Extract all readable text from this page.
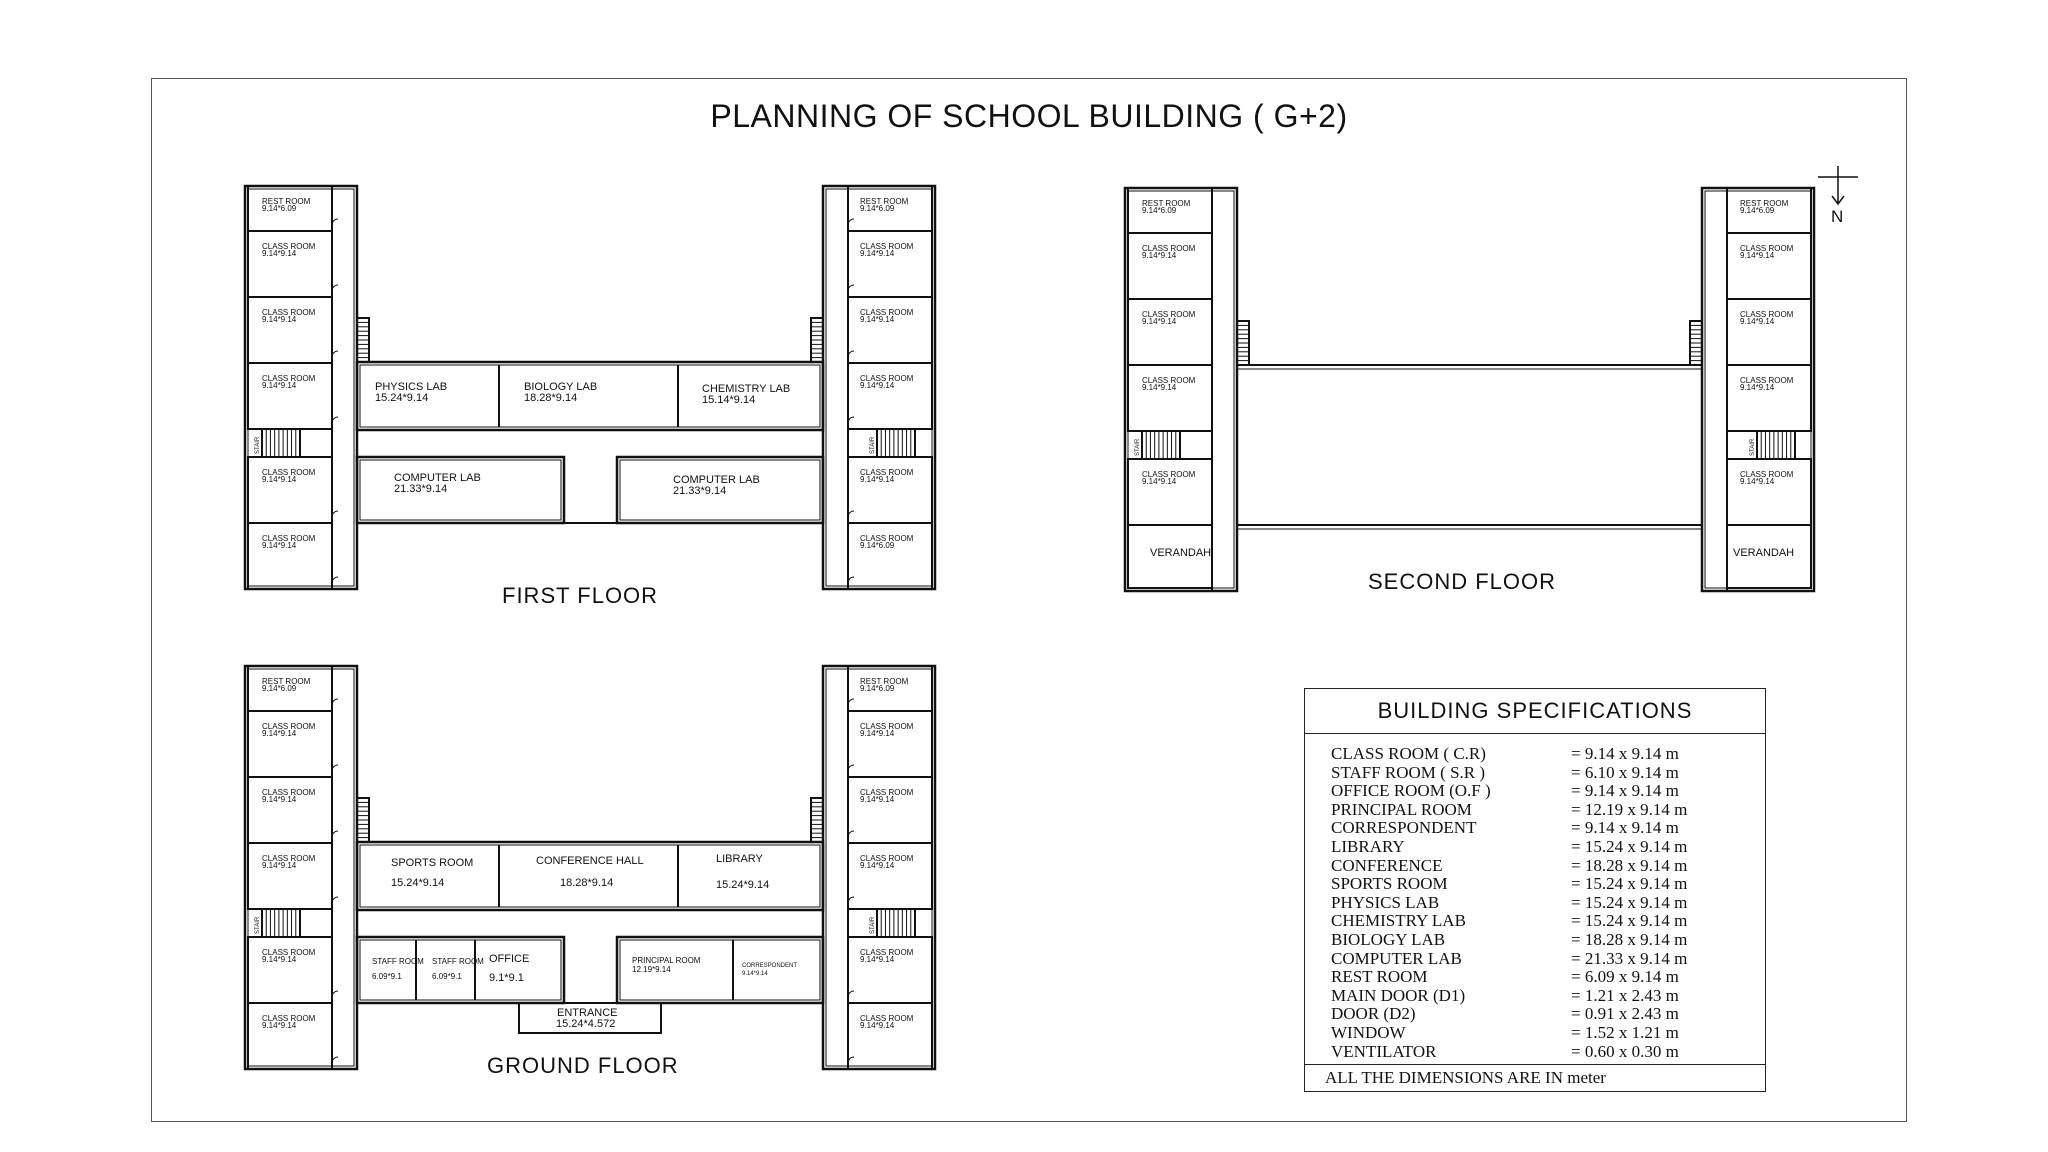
PLANNING OF SCHOOL BUILDING ( G+2)
REST ROOM
9.14*6.09
CLASS ROOM
9.14*9.14
CLASS ROOM
9.14*9.14
CLASS ROOM
9.14*9.14
STAIR
CLASS ROOM
9.14*9.14
CLASS ROOM
9.14*9.14
REST ROOM
9.14*6.09
CLASS ROOM
9.14*9.14
CLASS ROOM
9.14*9.14
CLASS ROOM
9.14*9.14
STAIR
CLASS ROOM
9.14*9.14
CLASS ROOM
9.14*6.09
PHYSICS LAB
15.24*9.14
BIOLOGY LAB
18.28*9.14
CHEMISTRY LAB
15.14*9.14
COMPUTER LAB
21.33*9.14
COMPUTER LAB
21.33*9.14
REST ROOM
9.14*6.09
CLASS ROOM
9.14*9.14
CLASS ROOM
9.14*9.14
CLASS ROOM
9.14*9.14
STAIR
CLASS ROOM
9.14*9.14
VERANDAH
REST ROOM
9.14*6.09
CLASS ROOM
9.14*9.14
CLASS ROOM
9.14*9.14
CLASS ROOM
9.14*9.14
STAIR
CLASS ROOM
9.14*9.14
VERANDAH
REST ROOM
9.14*6.09
CLASS ROOM
9.14*9.14
CLASS ROOM
9.14*9.14
CLASS ROOM
9.14*9.14
STAIR
CLASS ROOM
9.14*9.14
CLASS ROOM
9.14*9.14
REST ROOM
9.14*6.09
CLASS ROOM
9.14*9.14
CLASS ROOM
9.14*9.14
CLASS ROOM
9.14*9.14
STAIR
CLASS ROOM
9.14*9.14
CLASS ROOM
9.14*9.14
SPORTS ROOM
15.24*9.14
CONFERENCE HALL
18.28*9.14
LIBRARY
15.24*9.14
STAFF ROOM
6.09*9.1
STAFF ROOM
6.09*9.1
OFFICE
9.1*9.1
PRINCIPAL ROOM
12.19*9.14	CORRESPONDENT
9.14*9.14
ENTRANCE
15.24*4.572
N
FIRST FLOOR
SECOND FLOOR
GROUND FLOOR
BUILDING SPECIFICATIONS
CLASS ROOM ( C.R)	= 9.14 x 9.14 m
STAFF ROOM ( S.R )	= 6.10 x 9.14 m
OFFICE ROOM (O.F )	= 9.14 x 9.14 m
PRINCIPAL ROOM	= 12.19 x 9.14 m
CORRESPONDENT	= 9.14 x 9.14 m
LIBRARY	= 15.24 x 9.14 m
CONFERENCE	= 18.28 x 9.14 m
SPORTS ROOM	= 15.24 x 9.14 m
PHYSICS LAB	= 15.24 x 9.14 m
CHEMISTRY LAB	= 15.24 x 9.14 m
BIOLOGY LAB	= 18.28 x 9.14 m
COMPUTER LAB	= 21.33 x 9.14 m
REST ROOM	= 6.09 x 9.14 m
MAIN DOOR (D1)	= 1.21 x 2.43 m
DOOR (D2)	= 0.91 x 2.43 m
WINDOW	= 1.52 x 1.21 m
VENTILATOR	= 0.60 x 0.30 m
ALL THE DIMENSIONS ARE IN meter
